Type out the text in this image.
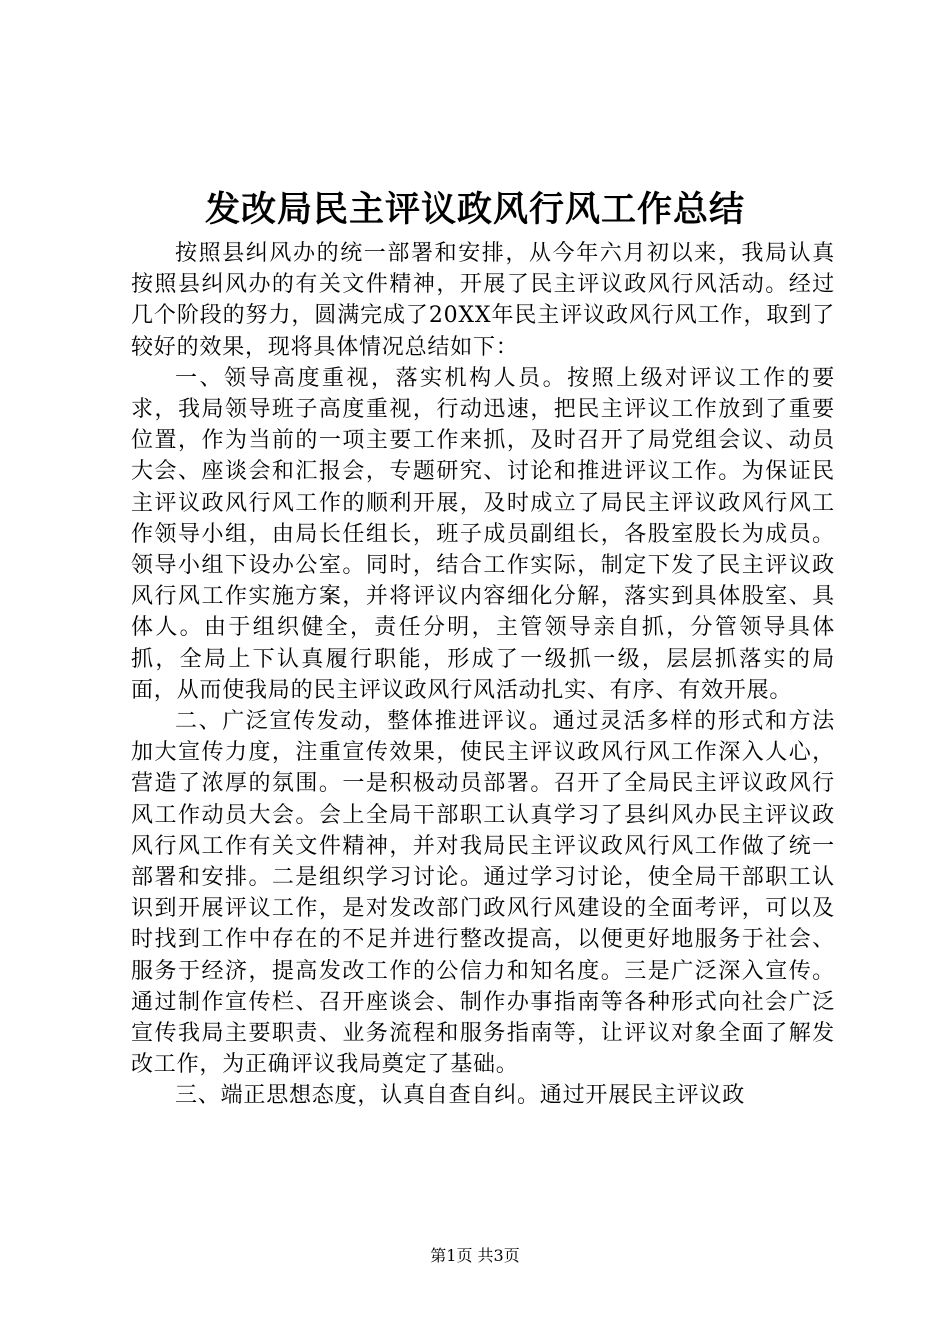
发改局民主评议政风行风工作总结

按照县纠风办的统一部署和安排，从今年六月初以来，我局认真按照县纠风办的有关文件精神，开展了民主评议政风行风活动。经过几个阶段的努力，圆满完成了20XX年民主评议政风行风工作，取到了较好的效果，现将具体情况总结如下：

一、领导高度重视，落实机构人员。按照上级对评议工作的要求，我局领导班子高度重视，行动迅速，把民主评议工作放到了重要位置，作为当前的一项主要工作来抓，及时召开了局党组会议、动员大会、座谈会和汇报会，专题研究、讨论和推进评议工作。为保证民主评议政风行风工作的顺利开展，及时成立了局民主评议政风行风工作领导小组，由局长任组长，班子成员副组长，各股室股长为成员。领导小组下设办公室。同时，结合工作实际，制定下发了民主评议政风行风工作实施方案，并将评议内容细化分解，落实到具体股室、具体人。由于组织健全，责任分明，主管领导亲自抓，分管领导具体抓，全局上下认真履行职能，形成了一级抓一级，层层抓落实的局面，从而使我局的民主评议政风行风活动扎实、有序、有效开展。

二、广泛宣传发动，整体推进评议。通过灵活多样的形式和方法加大宣传力度，注重宣传效果，使民主评议政风行风工作深入人心，营造了浓厚的氛围。一是积极动员部署。召开了全局民主评议政风行风工作动员大会。会上全局干部职工认真学习了县纠风办民主评议政风行风工作有关文件精神，并对我局民主评议政风行风工作做了统一部署和安排。二是组织学习讨论。通过学习讨论，使全局干部职工认识到开展评议工作，是对发改部门政风行风建设的全面考评，可以及时找到工作中存在的不足并进行整改提高，以便更好地服务于社会、服务于经济，提高发改工作的公信力和知名度。三是广泛深入宣传。通过制作宣传栏、召开座谈会、制作办事指南等各种形式向社会广泛宣传我局主要职责、业务流程和服务指南等，让评议对象全面了解发改工作，为正确评议我局奠定了基础。

三、端正思想态度，认真自查自纠。通过开展民主评议政

第1页 共3页
